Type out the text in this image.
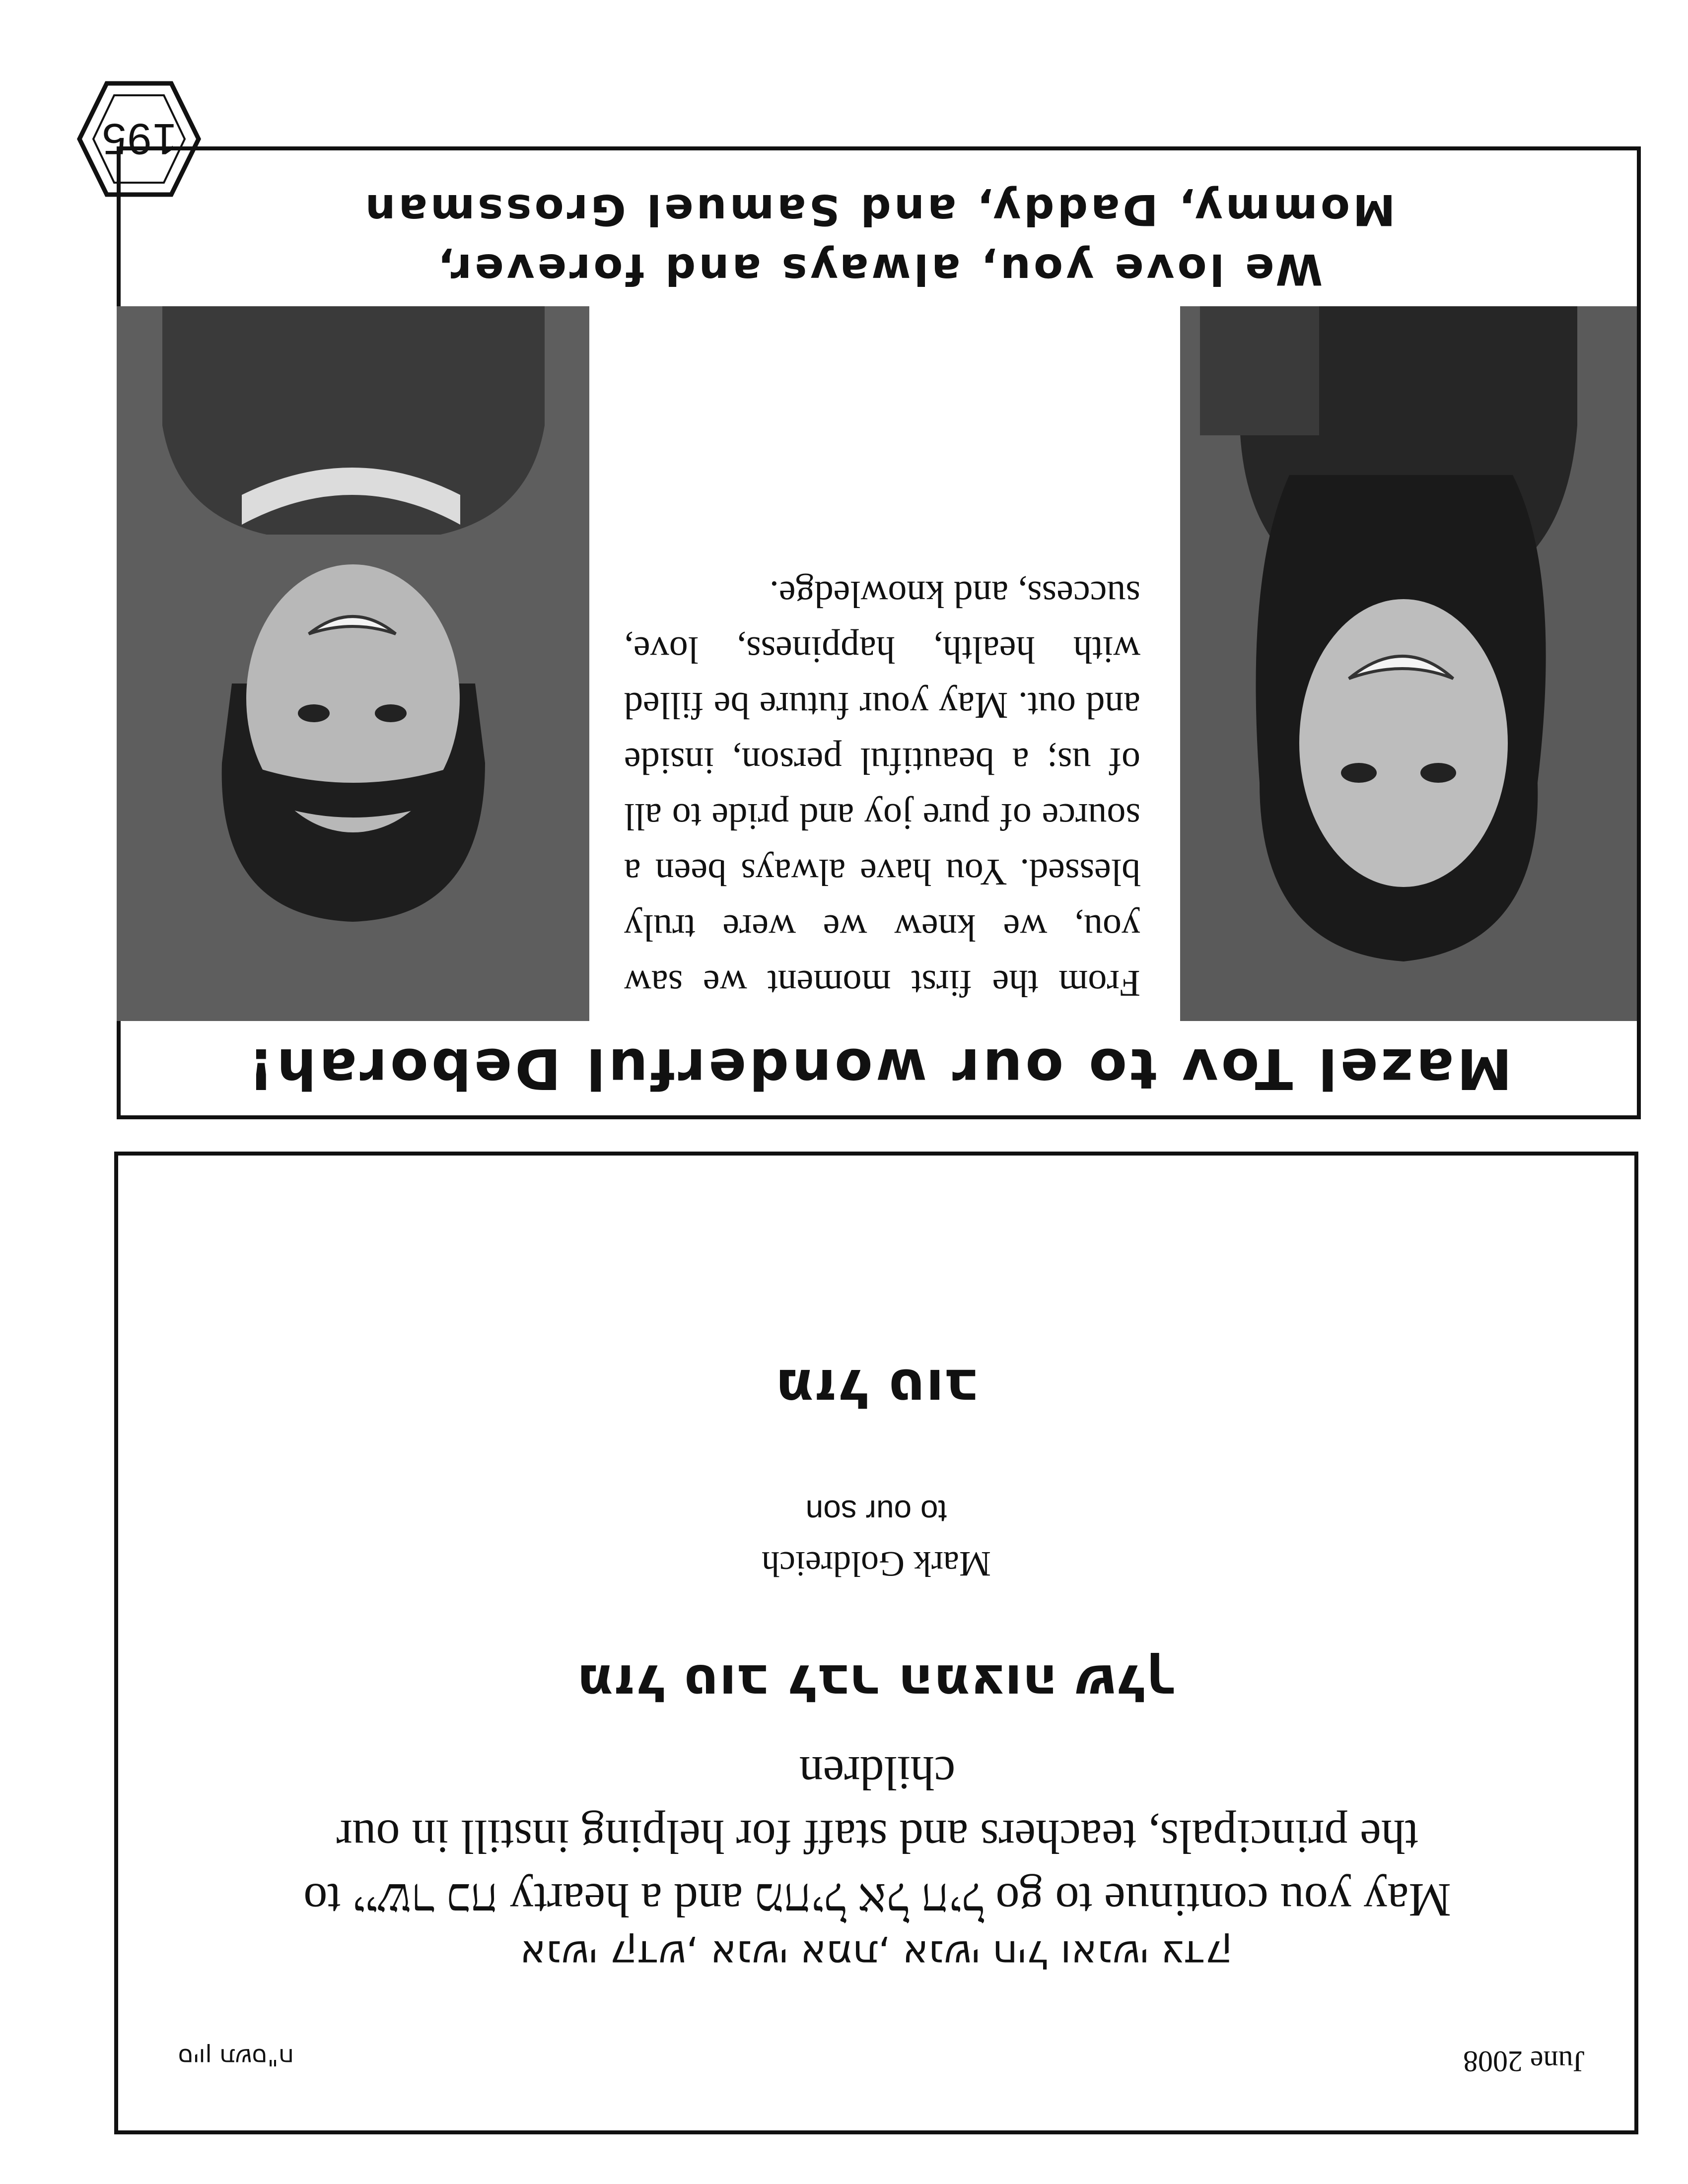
195
סיון תשס"ח	June 2008
מזל טוב
to our son
Mark Goldreich
מזל טוב לבר המצוה שלך
May you continue to go מחיל אל חיל and a hearty יישר כח to the principals, teachers and staff for helping instill in our children
אנשי קדש, אנשי אמת, אנשי חיל ואנשי צדק
Mazel Tov to our wonderful Deborah!
From the first moment we saw you, we knew we were truly blessed. You have always been a source of pure joy and pride to all of us; a beautiful person, inside and out. May your future be filled with health, happiness, love, success, and knowledge.
We love you, always and forever,
Mommy, Daddy, and Samuel Grossman
